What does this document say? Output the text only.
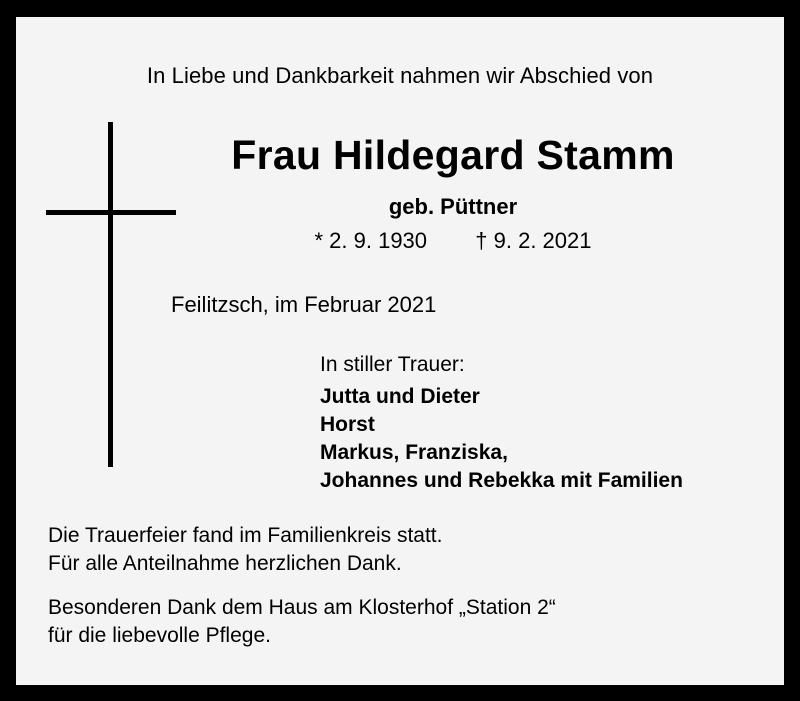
In Liebe und Dankbarkeit nahmen wir Abschied von
Frau Hildegard Stamm
geb. Püttner
* 2. 9. 1930 † 9. 2. 2021
Feilitzsch, im Februar 2021
In stiller Trauer:
Jutta und Dieter
Horst
Markus, Franziska,
Johannes und Rebekka mit Familien

Die Trauerfeier fand im Familienkreis statt.
Für alle Anteilnahme herzlichen Dank.

Besonderen Dank dem Haus am Klosterhof „Station 2“
für die liebevolle Pflege.
